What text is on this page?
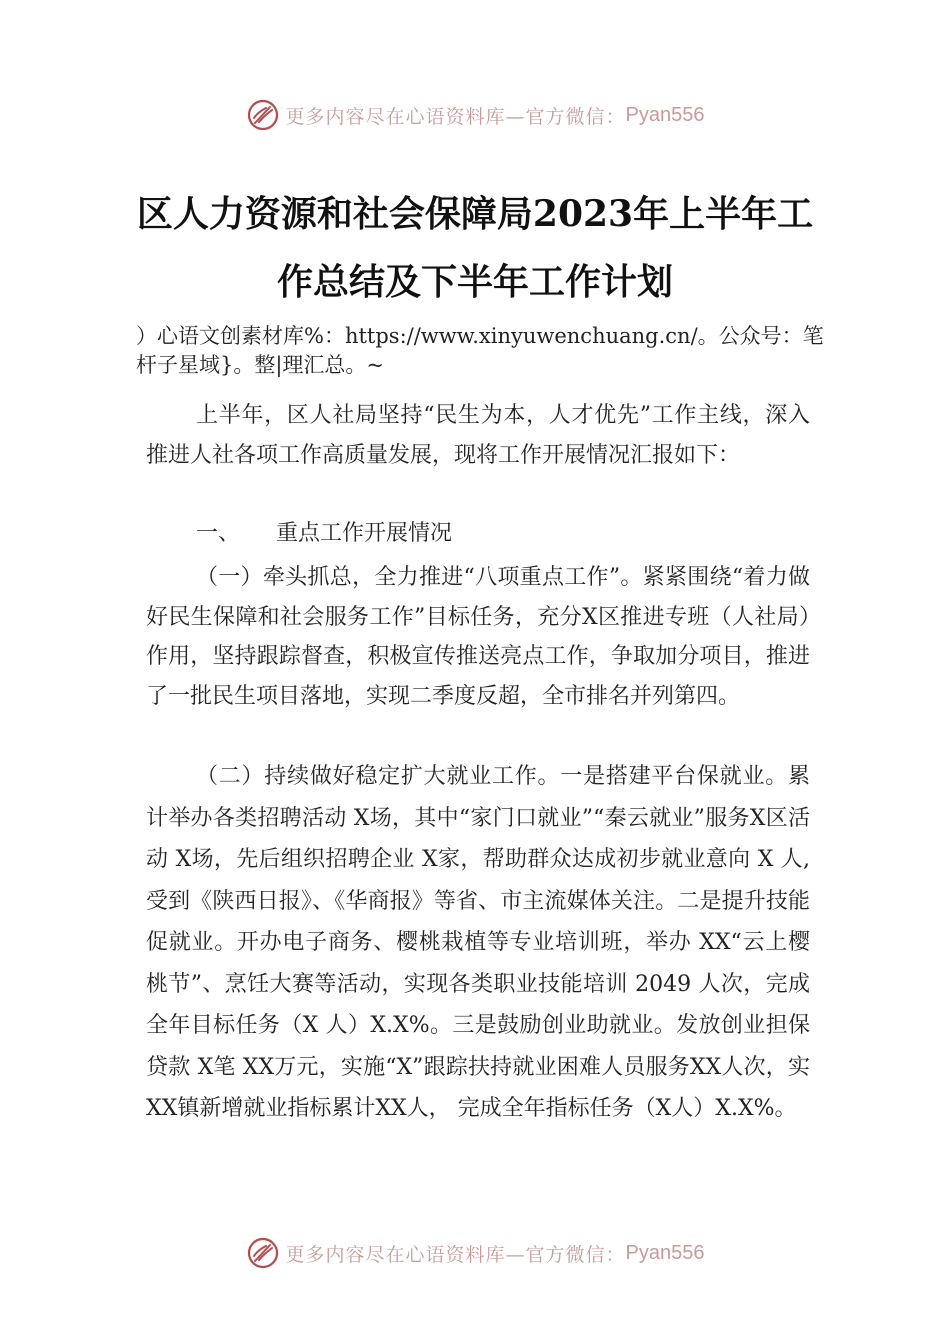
更多内容尽在心语资料库—官方微信： Pyan556
区人力资源和社会保障局2023年上半年工
作总结及下半年工作计划
）心语文创素材库%：https://www.xinyuwenchuang.cn/。公众号：笔杆子星域}。整|理汇总。~
上半年，区人社局坚持“民生为本，人才优先”工作主线，深入推进人社各项工作高质量发展，现将工作开展情况汇报如下：
一、 重点工作开展情况
（一）牵头抓总，全力推进“八项重点工作”。紧紧围绕“着力做好民生保障和社会服务工作”目标任务，充分X区推进专班（人社局）作用，坚持跟踪督查，积极宣传推送亮点工作，争取加分项目，推进了一批民生项目落地，实现二季度反超，全市排名并列第四。
（二）持续做好稳定扩大就业工作。一是搭建平台保就业。累计举办各类招聘活动 X场，其中“家门口就业”“秦云就业”服务X区活动 X场，先后组织招聘企业 X家，帮助群众达成初步就业意向 X 人,受到《陕西日报》、《华商报》等省、市主流媒体关注。二是提升技能促就业。开办电子商务、樱桃栽植等专业培训班，举办 XX“云上樱桃节”、烹饪大赛等活动，实现各类职业技能培训 2049 人次，完成全年目标任务（X 人）X.X%。三是鼓励创业助就业。发放创业担保贷款 X笔 XX万元，实施“X”跟踪扶持就业困难人员服务XX人次，实XX镇新增就业指标累计XX人， 完成全年指标任务（X人）X.X%。
更多内容尽在心语资料库—官方微信： Pyan556
